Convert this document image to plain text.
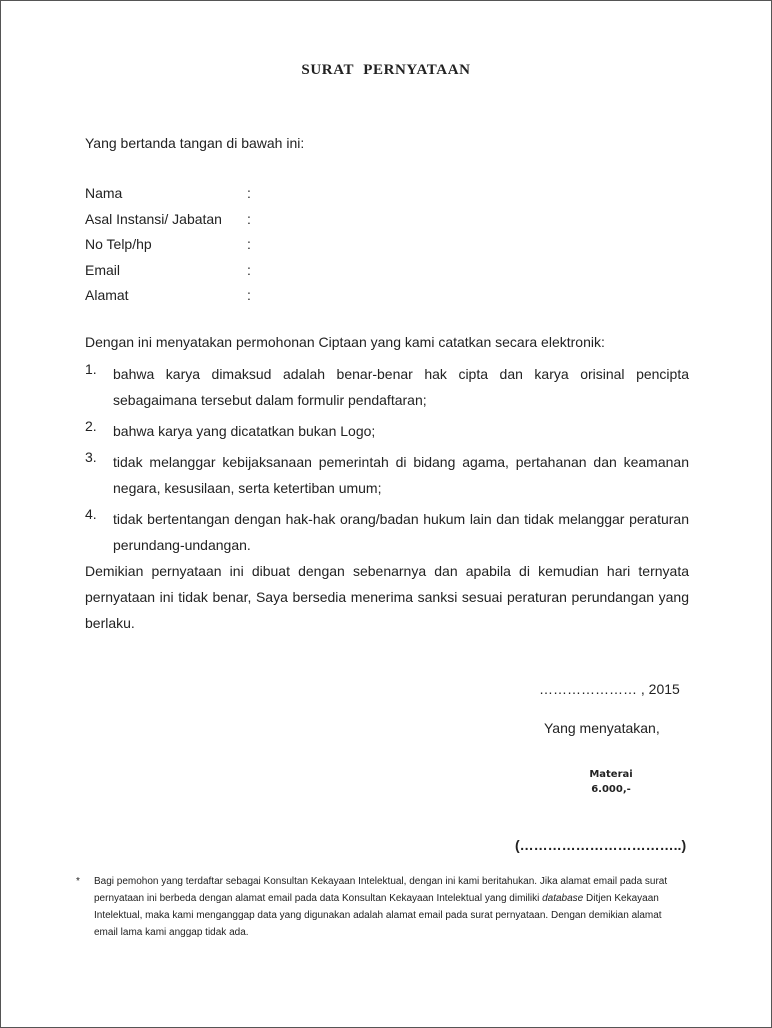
SURAT PERNYATAAN
Yang bertanda tangan di bawah ini:
Nama	:
Asal Instansi/ Jabatan :
No Telp/hp	:
Email	:
Alamat	:
Dengan ini menyatakan permohonan Ciptaan yang kami catatkan secara elektronik:
1. bahwa karya dimaksud adalah benar-benar hak cipta dan karya orisinal pencipta sebagaimana tersebut dalam formulir pendaftaran;
2. bahwa karya yang dicatatkan bukan Logo;
3. tidak melanggar kebijaksanaan pemerintah di bidang agama, pertahanan dan keamanan negara, kesusilaan, serta ketertiban umum;
4. tidak bertentangan dengan hak-hak orang/badan hukum lain dan tidak melanggar peraturan perundang-undangan.
Demikian pernyataan ini dibuat dengan sebenarnya dan apabila di kemudian hari ternyata pernyataan ini tidak benar, Saya bersedia menerima sanksi sesuai peraturan perundangan yang berlaku.
………………… , 2015
Yang menyatakan,
Materai
6.000,-
(……………………………..)
*	Bagi pemohon yang terdaftar sebagai Konsultan Kekayaan Intelektual, dengan ini kami beritahukan. Jika alamat email pada surat pernyataan ini berbeda dengan alamat email pada data Konsultan Kekayaan Intelektual yang dimiliki database Ditjen Kekayaan Intelektual, maka kami menganggap data yang digunakan adalah alamat email pada surat pernyataan. Dengan demikian alamat email lama kami anggap tidak ada.
